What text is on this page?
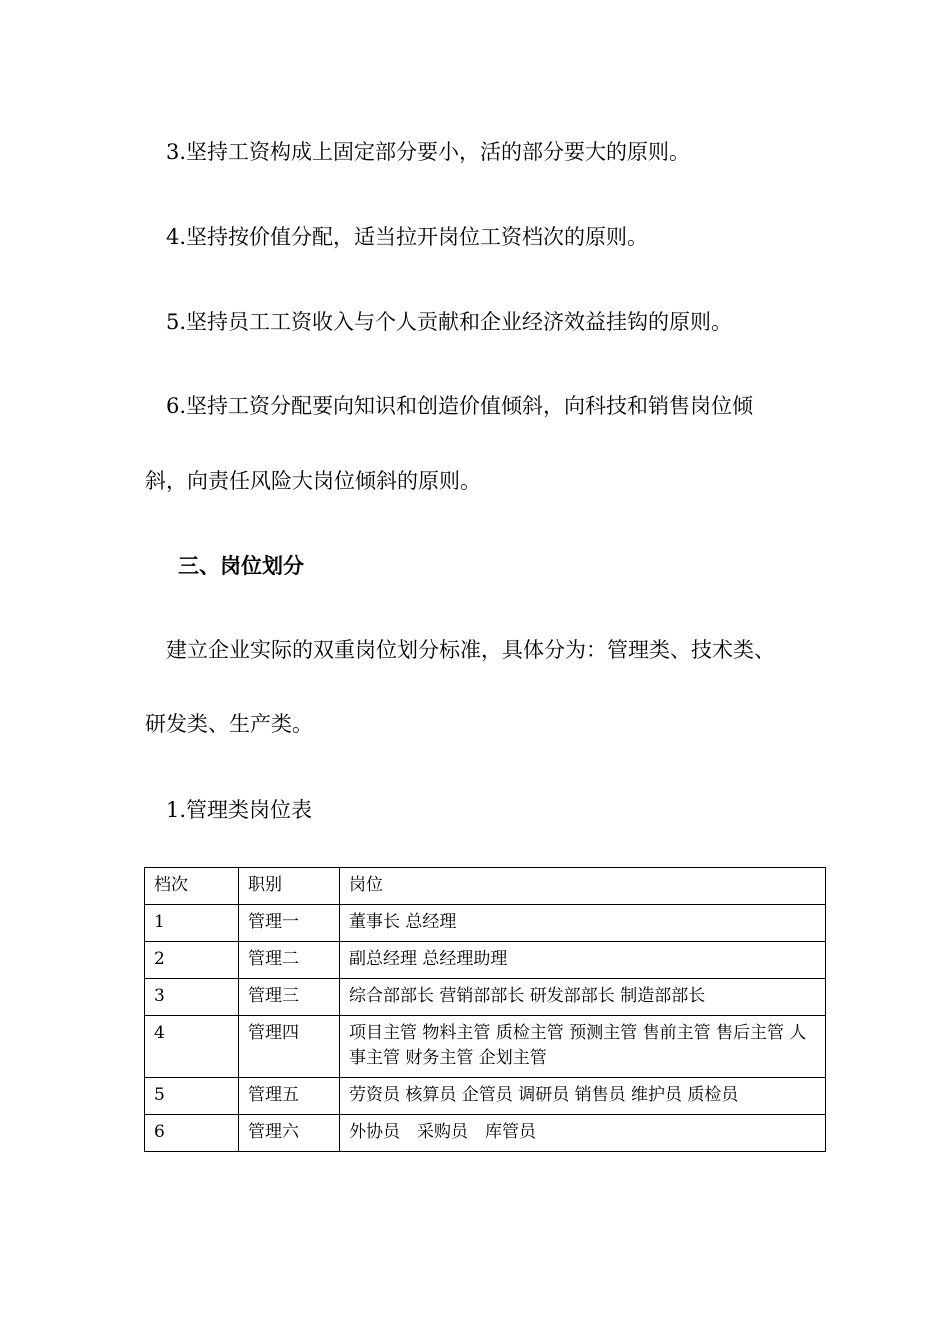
3.坚持工资构成上固定部分要小，活的部分要大的原则。
4.坚持按价值分配，适当拉开岗位工资档次的原则。
5.坚持员工工资收入与个人贡献和企业经济效益挂钩的原则。
6.坚持工资分配要向知识和创造价值倾斜，向科技和销售岗位倾
斜，向责任风险大岗位倾斜的原则。
三、岗位划分
建立企业实际的双重岗位划分标准，具体分为：管理类、技术类、
研发类、生产类。
1.管理类岗位表
档次	职别	岗位
1	管理一	董事长 总经理
2	管理二	副总经理 总经理助理
3	管理三	综合部部长 营销部部长 研发部部长 制造部部长
4	管理四	项目主管 物料主管 质检主管 预测主管 售前主管 售后主管 人事主管 财务主管 企划主管
5	管理五	劳资员 核算员 企管员 调研员 销售员 维护员 质检员
6	管理六	外协员　采购员　库管员
